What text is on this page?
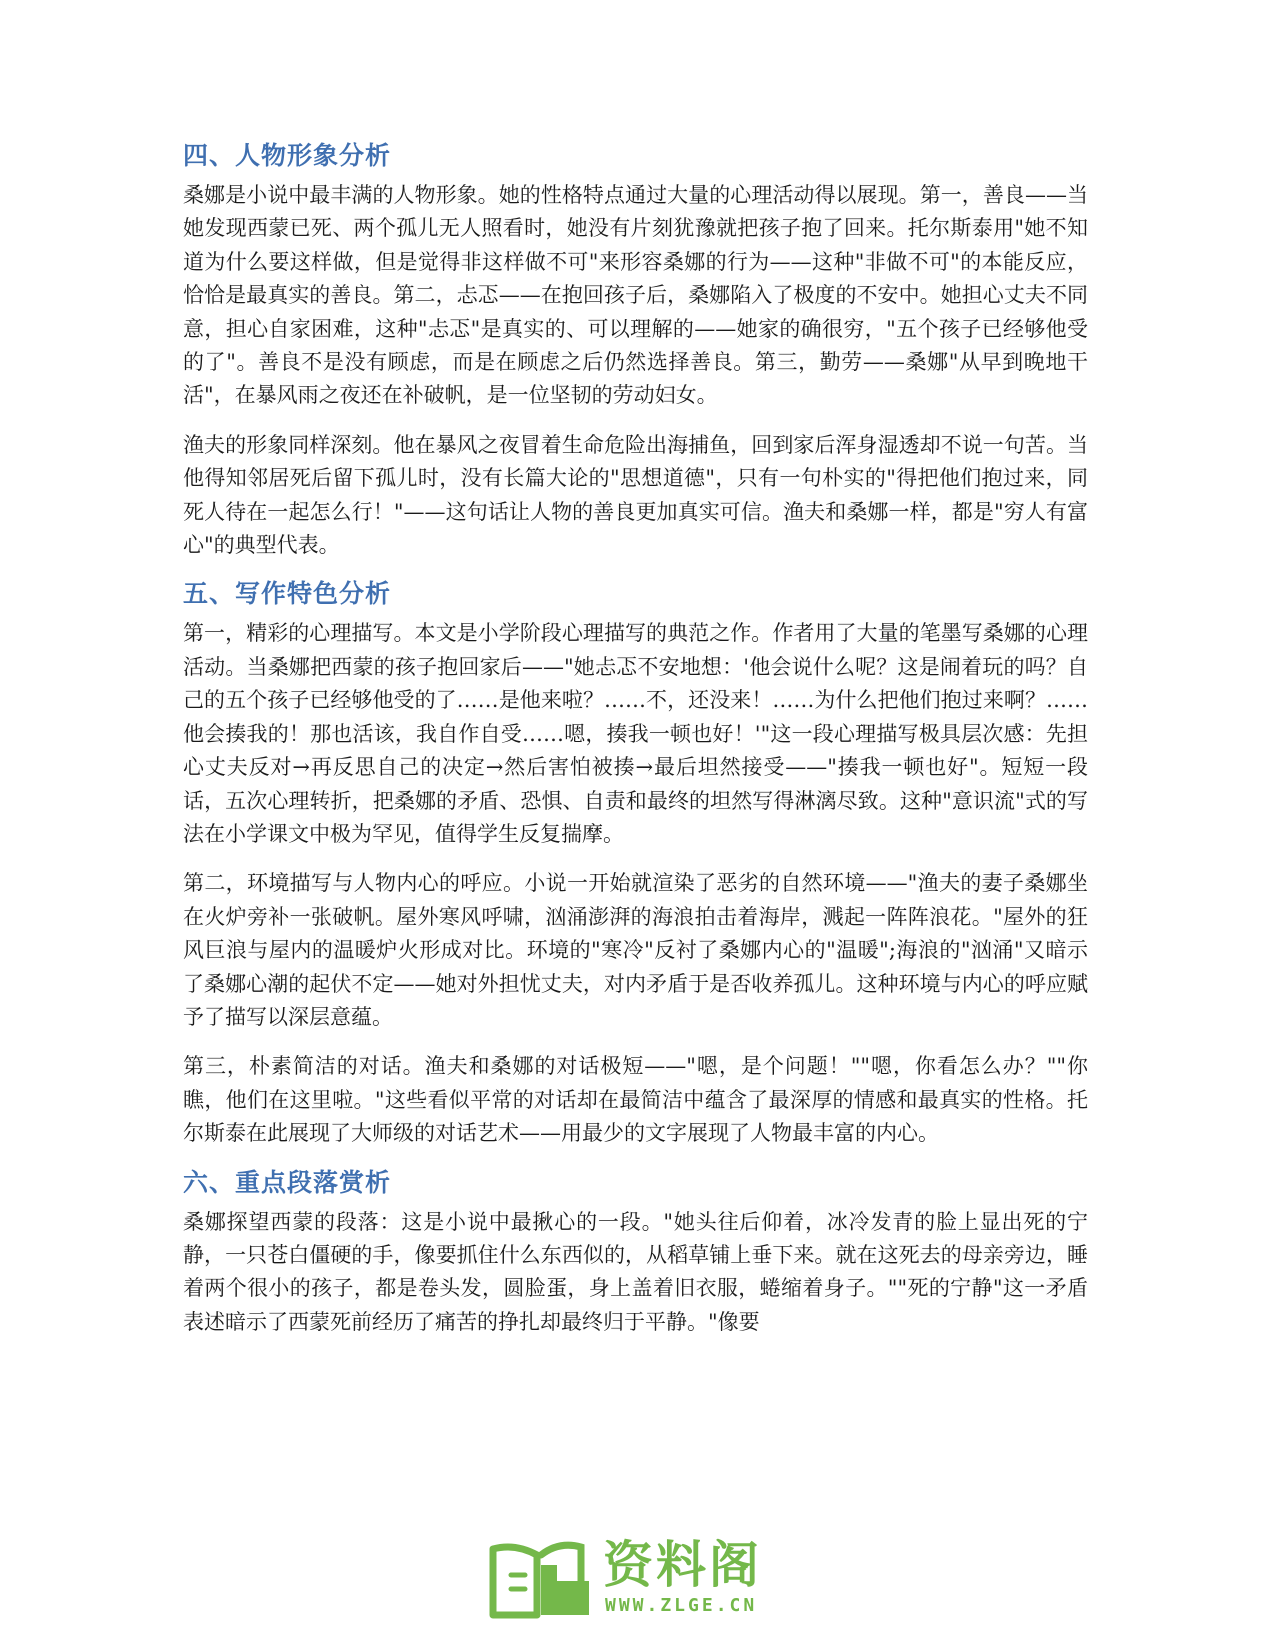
四、人物形象分析

桑娜是小说中最丰满的人物形象。她的性格特点通过大量的心理活动得以展现。第一，善良——当她发现西蒙已死、两个孤儿无人照看时，她没有片刻犹豫就把孩子抱了回来。托尔斯泰用"她不知道为什么要这样做，但是觉得非这样做不可"来形容桑娜的行为——这种"非做不可"的本能反应，恰恰是最真实的善良。第二，忐忑——在抱回孩子后，桑娜陷入了极度的不安中。她担心丈夫不同意，担心自家困难，这种"忐忑"是真实的、可以理解的——她家的确很穷，"五个孩子已经够他受的了"。善良不是没有顾虑，而是在顾虑之后仍然选择善良。第三，勤劳——桑娜"从早到晚地干活"，在暴风雨之夜还在补破帆，是一位坚韧的劳动妇女。

渔夫的形象同样深刻。他在暴风之夜冒着生命危险出海捕鱼，回到家后浑身湿透却不说一句苦。当他得知邻居死后留下孤儿时，没有长篇大论的"思想道德"，只有一句朴实的"得把他们抱过来，同死人待在一起怎么行！"——这句话让人物的善良更加真实可信。渔夫和桑娜一样，都是"穷人有富心"的典型代表。

五、写作特色分析

第一，精彩的心理描写。本文是小学阶段心理描写的典范之作。作者用了大量的笔墨写桑娜的心理活动。当桑娜把西蒙的孩子抱回家后——"她忐忑不安地想：'他会说什么呢？这是闹着玩的吗？自己的五个孩子已经够他受的了……是他来啦？……不，还没来！……为什么把他们抱过来啊？……他会揍我的！那也活该，我自作自受……嗯，揍我一顿也好！'"这一段心理描写极具层次感：先担心丈夫反对→再反思自己的决定→然后害怕被揍→最后坦然接受——"揍我一顿也好"。短短一段话，五次心理转折，把桑娜的矛盾、恐惧、自责和最终的坦然写得淋漓尽致。这种"意识流"式的写法在小学课文中极为罕见，值得学生反复揣摩。

第二，环境描写与人物内心的呼应。小说一开始就渲染了恶劣的自然环境——"渔夫的妻子桑娜坐在火炉旁补一张破帆。屋外寒风呼啸，汹涌澎湃的海浪拍击着海岸，溅起一阵阵浪花。"屋外的狂风巨浪与屋内的温暖炉火形成对比。环境的"寒冷"反衬了桑娜内心的"温暖";海浪的"汹涌"又暗示了桑娜心潮的起伏不定——她对外担忧丈夫，对内矛盾于是否收养孤儿。这种环境与内心的呼应赋予了描写以深层意蕴。

第三，朴素简洁的对话。渔夫和桑娜的对话极短——"嗯，是个问题！""嗯，你看怎么办？""你瞧，他们在这里啦。"这些看似平常的对话却在最简洁中蕴含了最深厚的情感和最真实的性格。托尔斯泰在此展现了大师级的对话艺术——用最少的文字展现了人物最丰富的内心。

六、重点段落赏析

桑娜探望西蒙的段落：这是小说中最揪心的一段。"她头往后仰着，冰冷发青的脸上显出死的宁静，一只苍白僵硬的手，像要抓住什么东西似的，从稻草铺上垂下来。就在这死去的母亲旁边，睡着两个很小的孩子，都是卷头发，圆脸蛋，身上盖着旧衣服，蜷缩着身子。""死的宁静"这一矛盾表述暗示了西蒙死前经历了痛苦的挣扎却最终归于平静。"像要

资料阁
WWW.ZLGE.CN
